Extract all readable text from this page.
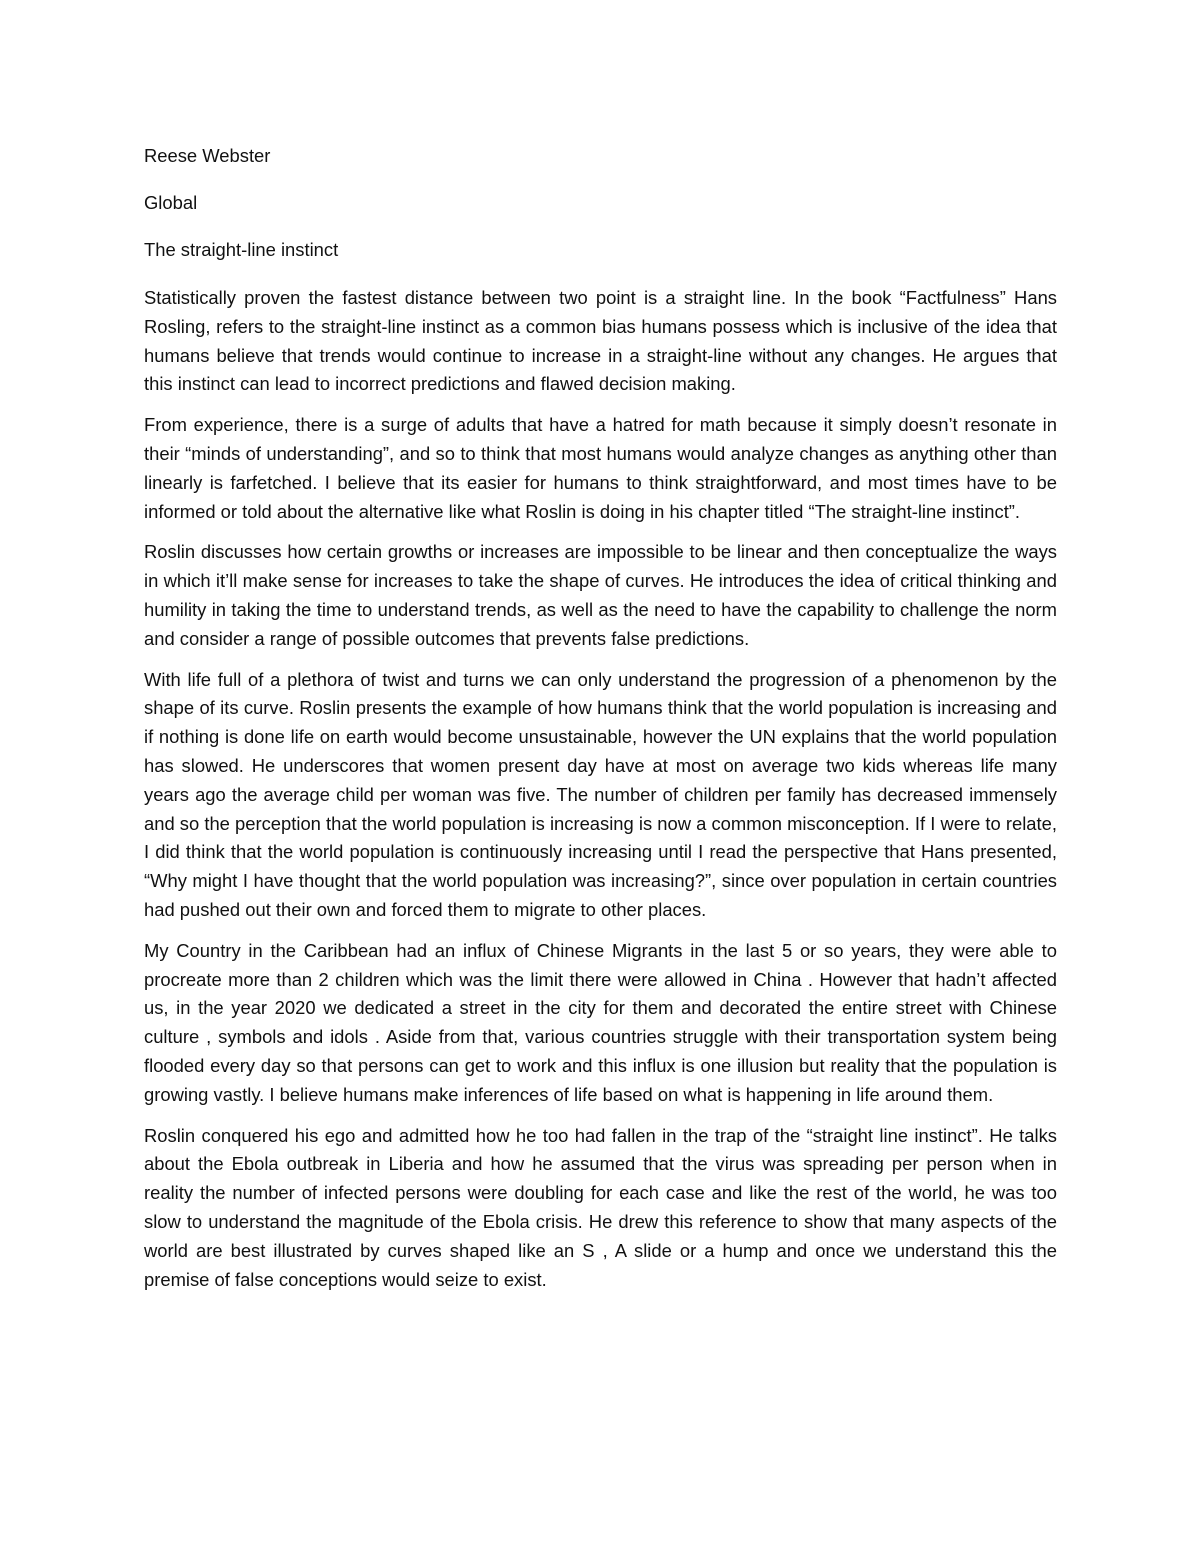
Reese Webster

Global

The straight-line instinct

Statistically proven the fastest distance between two point is a straight line. In the book “Factfulness” Hans Rosling, refers to the straight-line instinct as a common bias humans possess which is inclusive of the idea that humans believe that trends would continue to increase in a straight-line without any changes. He argues that this instinct can lead to incorrect predictions and flawed decision making.

From experience, there is a surge of adults that have a hatred for math because it simply doesn’t resonate in their “minds of understanding”, and so to think that most humans would analyze changes as anything other than linearly is farfetched. I believe that its easier for humans to think straightforward, and most times have to be informed or told about the alternative like what Roslin is doing in his chapter titled “The straight-line instinct”.

Roslin discusses how certain growths or increases are impossible to be linear and then conceptualize the ways in which it’ll make sense for increases to take the shape of curves. He introduces the idea of critical thinking and humility in taking the time to understand trends, as well as the need to have the capability to challenge the norm and consider a range of possible outcomes that prevents false predictions.

With life full of a plethora of twist and turns we can only understand the progression of a phenomenon by the shape of its curve. Roslin presents the example of how humans think that the world population is increasing and if nothing is done life on earth would become unsustainable, however the UN explains that the world population has slowed. He underscores that women present day have at most on average two kids whereas life many years ago the average child per woman was five. The number of children per family has decreased immensely and so the perception that the world population is increasing is now a common misconception. If I were to relate, I did think that the world population is continuously increasing until I read the perspective that Hans presented, “Why might I have thought that the world population was increasing?”, since over population in certain countries had pushed out their own and forced them to migrate to other places.

My Country in the Caribbean had an influx of Chinese Migrants in the last 5 or so years, they were able to procreate more than 2 children which was the limit there were allowed in China . However that hadn’t affected us, in the year 2020 we dedicated a street in the city for them and decorated the entire street with Chinese culture , symbols and idols . Aside from that, various countries struggle with their transportation system being flooded every day so that persons can get to work and this influx is one illusion but reality that the population is growing vastly. I believe humans make inferences of life based on what is happening in life around them.

Roslin conquered his ego and admitted how he too had fallen in the trap of the “straight line instinct”. He talks about the Ebola outbreak in Liberia and how he assumed that the virus was spreading per person when in reality the number of infected persons were doubling for each case and like the rest of the world, he was too slow to understand the magnitude of the Ebola crisis. He drew this reference to show that many aspects of the world are best illustrated by curves shaped like an S , A slide or a hump and once we understand this the premise of false conceptions would seize to exist.
